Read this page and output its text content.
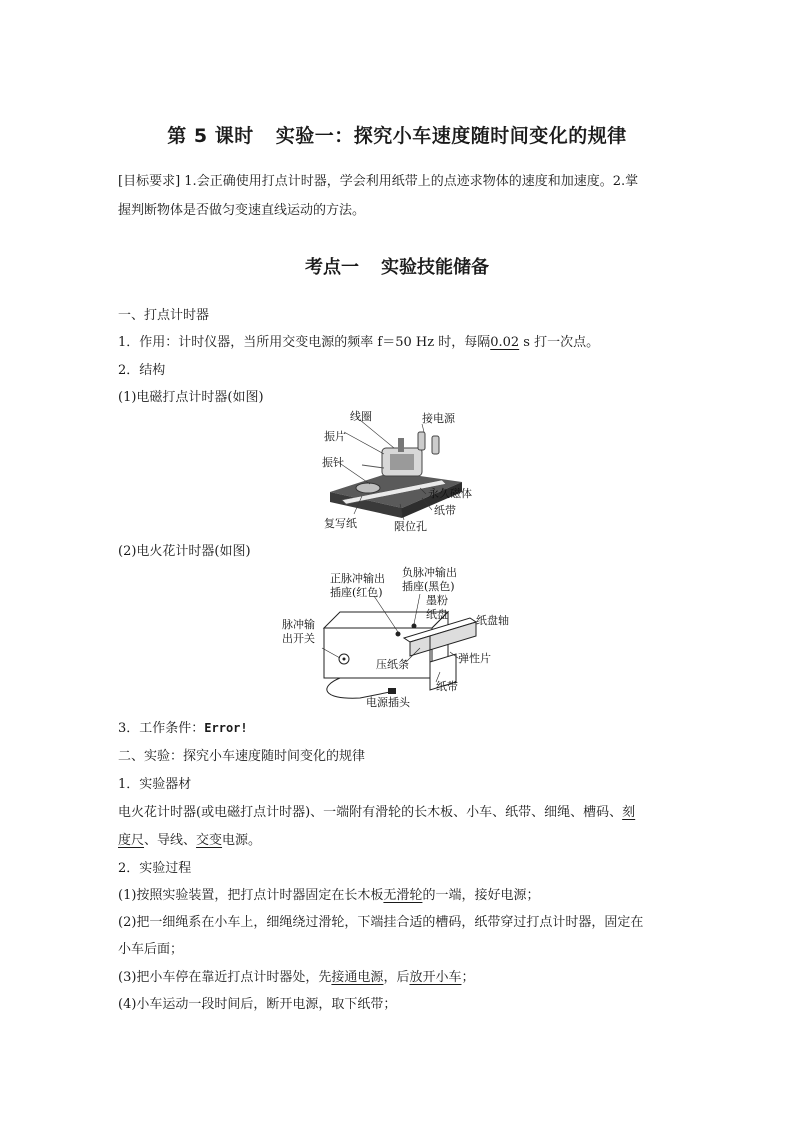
第 5 课时 实验一：探究小车速度随时间变化的规律
[目标要求] 1.会正确使用打点计时器，学会利用纸带上的点迹求物体的速度和加速度。2.掌
握判断物体是否做匀变速直线运动的方法。
考点一 实验技能储备
一、打点计时器
1．作用：计时仪器，当所用交变电源的频率 f＝50 Hz 时，每隔0.02 s 打一次点。
2．结构
(1)电磁打点计时器(如图)
线圈	接电源
振片
振针
永久磁体
纸带
复写纸	限位孔
(2)电火花计时器(如图)
正脉冲输出
插座(红色)
负脉冲输出
插座(黑色)
墨粉
纸盘	纸盘轴
脉冲输
出开关
压纸条	弹性片
纸带
电源插头
3．工作条件：Error!
二、实验：探究小车速度随时间变化的规律
1．实验器材
电火花计时器(或电磁打点计时器)、一端附有滑轮的长木板、小车、纸带、细绳、槽码、刻
度尺、导线、交变电源。
2．实验过程
(1)按照实验装置，把打点计时器固定在长木板无滑轮的一端，接好电源；
(2)把一细绳系在小车上，细绳绕过滑轮，下端挂合适的槽码，纸带穿过打点计时器，固定在
小车后面；
(3)把小车停在靠近打点计时器处，先接通电源，后放开小车；
(4)小车运动一段时间后，断开电源，取下纸带；
